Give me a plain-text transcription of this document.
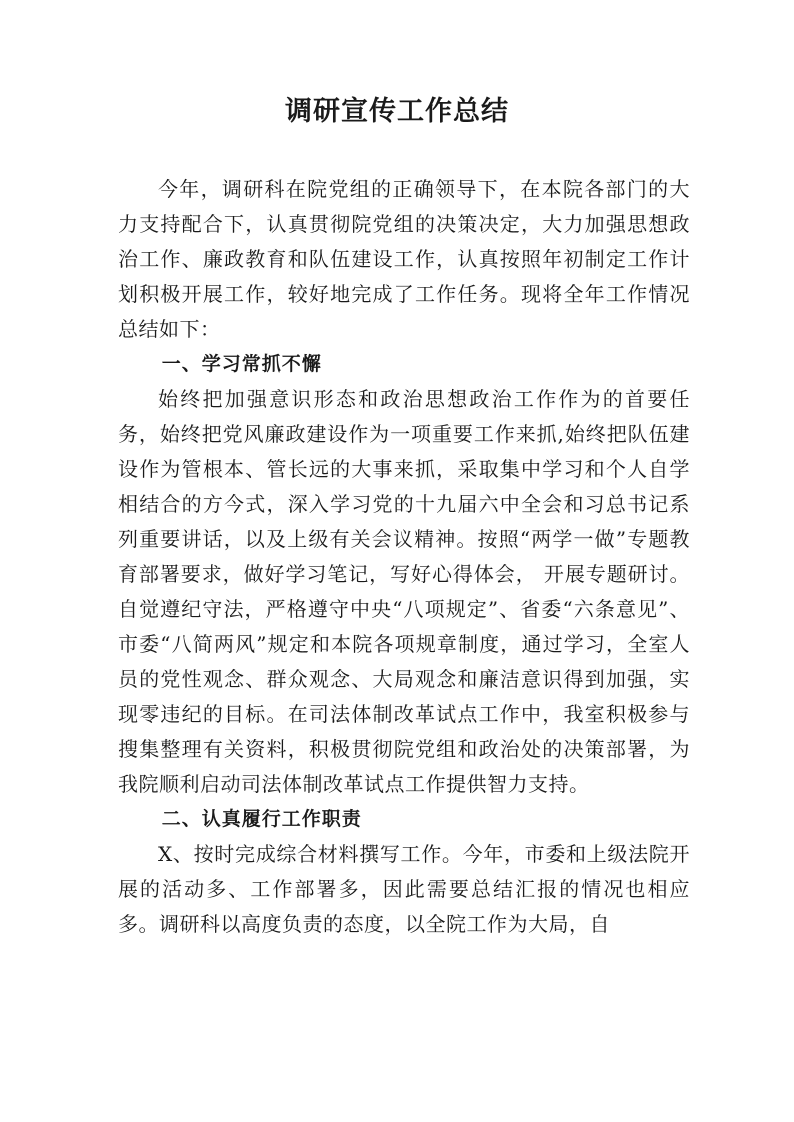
调研宣传工作总结

今年，调研科在院党组的正确领导下，在本院各部门的大力支持配合下，认真贯彻院党组的决策决定，大力加强思想政治工作、廉政教育和队伍建设工作，认真按照年初制定工作计划积极开展工作，较好地完成了工作任务。现将全年工作情况总结如下：

一、学习常抓不懈

始终把加强意识形态和政治思想政治工作作为的首要任务，始终把党风廉政建设作为一项重要工作来抓,始终把队伍建设作为管根本、管长远的大事来抓，采取集中学习和个人自学相结合的方今式，深入学习党的十九届六中全会和习总书记系列重要讲话，以及上级有关会议精神。按照“两学一做”专题教育部署要求，做好学习笔记，写好心得体会， 开展专题研讨。 自觉遵纪守法，严格遵守中央“八项规定”、省委“六条意见”、市委“八简两风”规定和本院各项规章制度，通过学习，全室人员的党性观念、群众观念、大局观念和廉洁意识得到加强，实现零违纪的目标。在司法体制改革试点工作中，我室积极参与搜集整理有关资料，积极贯彻院党组和政治处的决策部署，为我院顺利启动司法体制改革试点工作提供智力支持。

二、认真履行工作职责

X、按时完成综合材料撰写工作。今年，市委和上级法院开展的活动多、工作部署多，因此需要总结汇报的情况也相应多。调研科以高度负责的态度，以全院工作为大局，自
